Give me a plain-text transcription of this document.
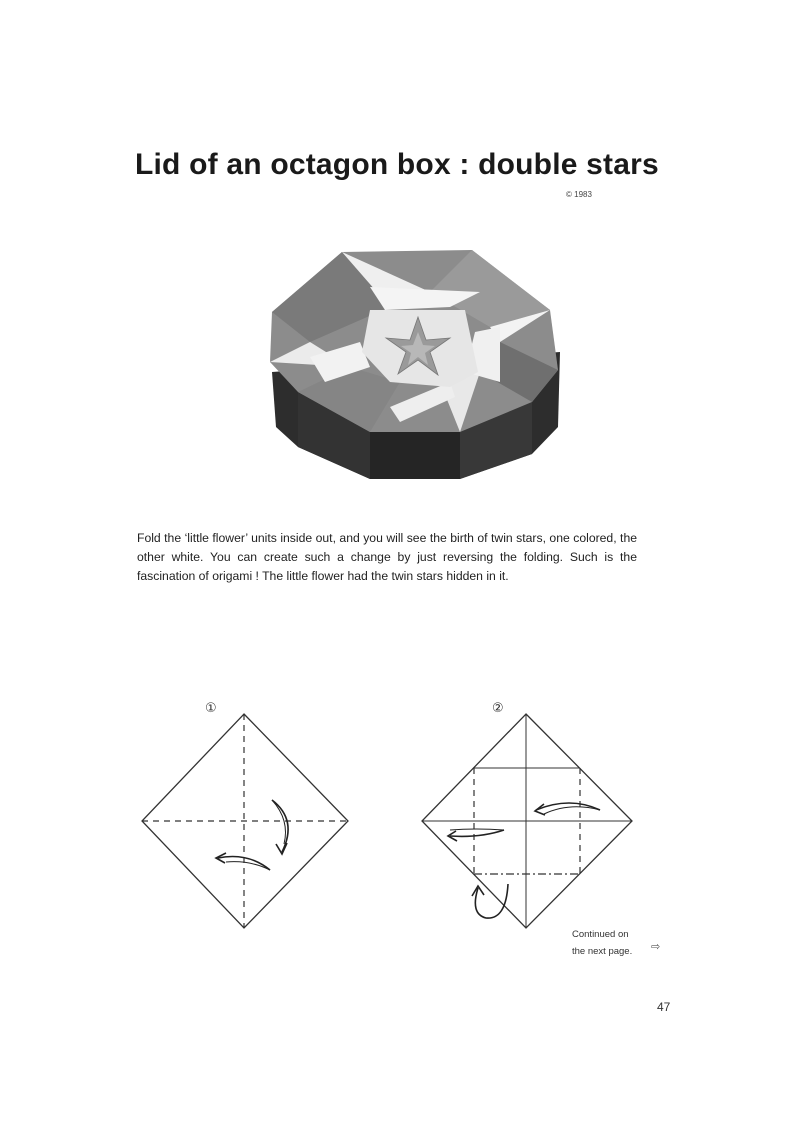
Lid of an octagon box : double stars
© 1983
Fold the ‘little flower’ units inside out, and you will see the birth of twin stars, one colored, the other white. You can create such a change by just reversing the folding. Such is the fascination of origami ! The little flower had the twin stars hidden in it.
①	②
Continued on
the next page. ⇨
47
